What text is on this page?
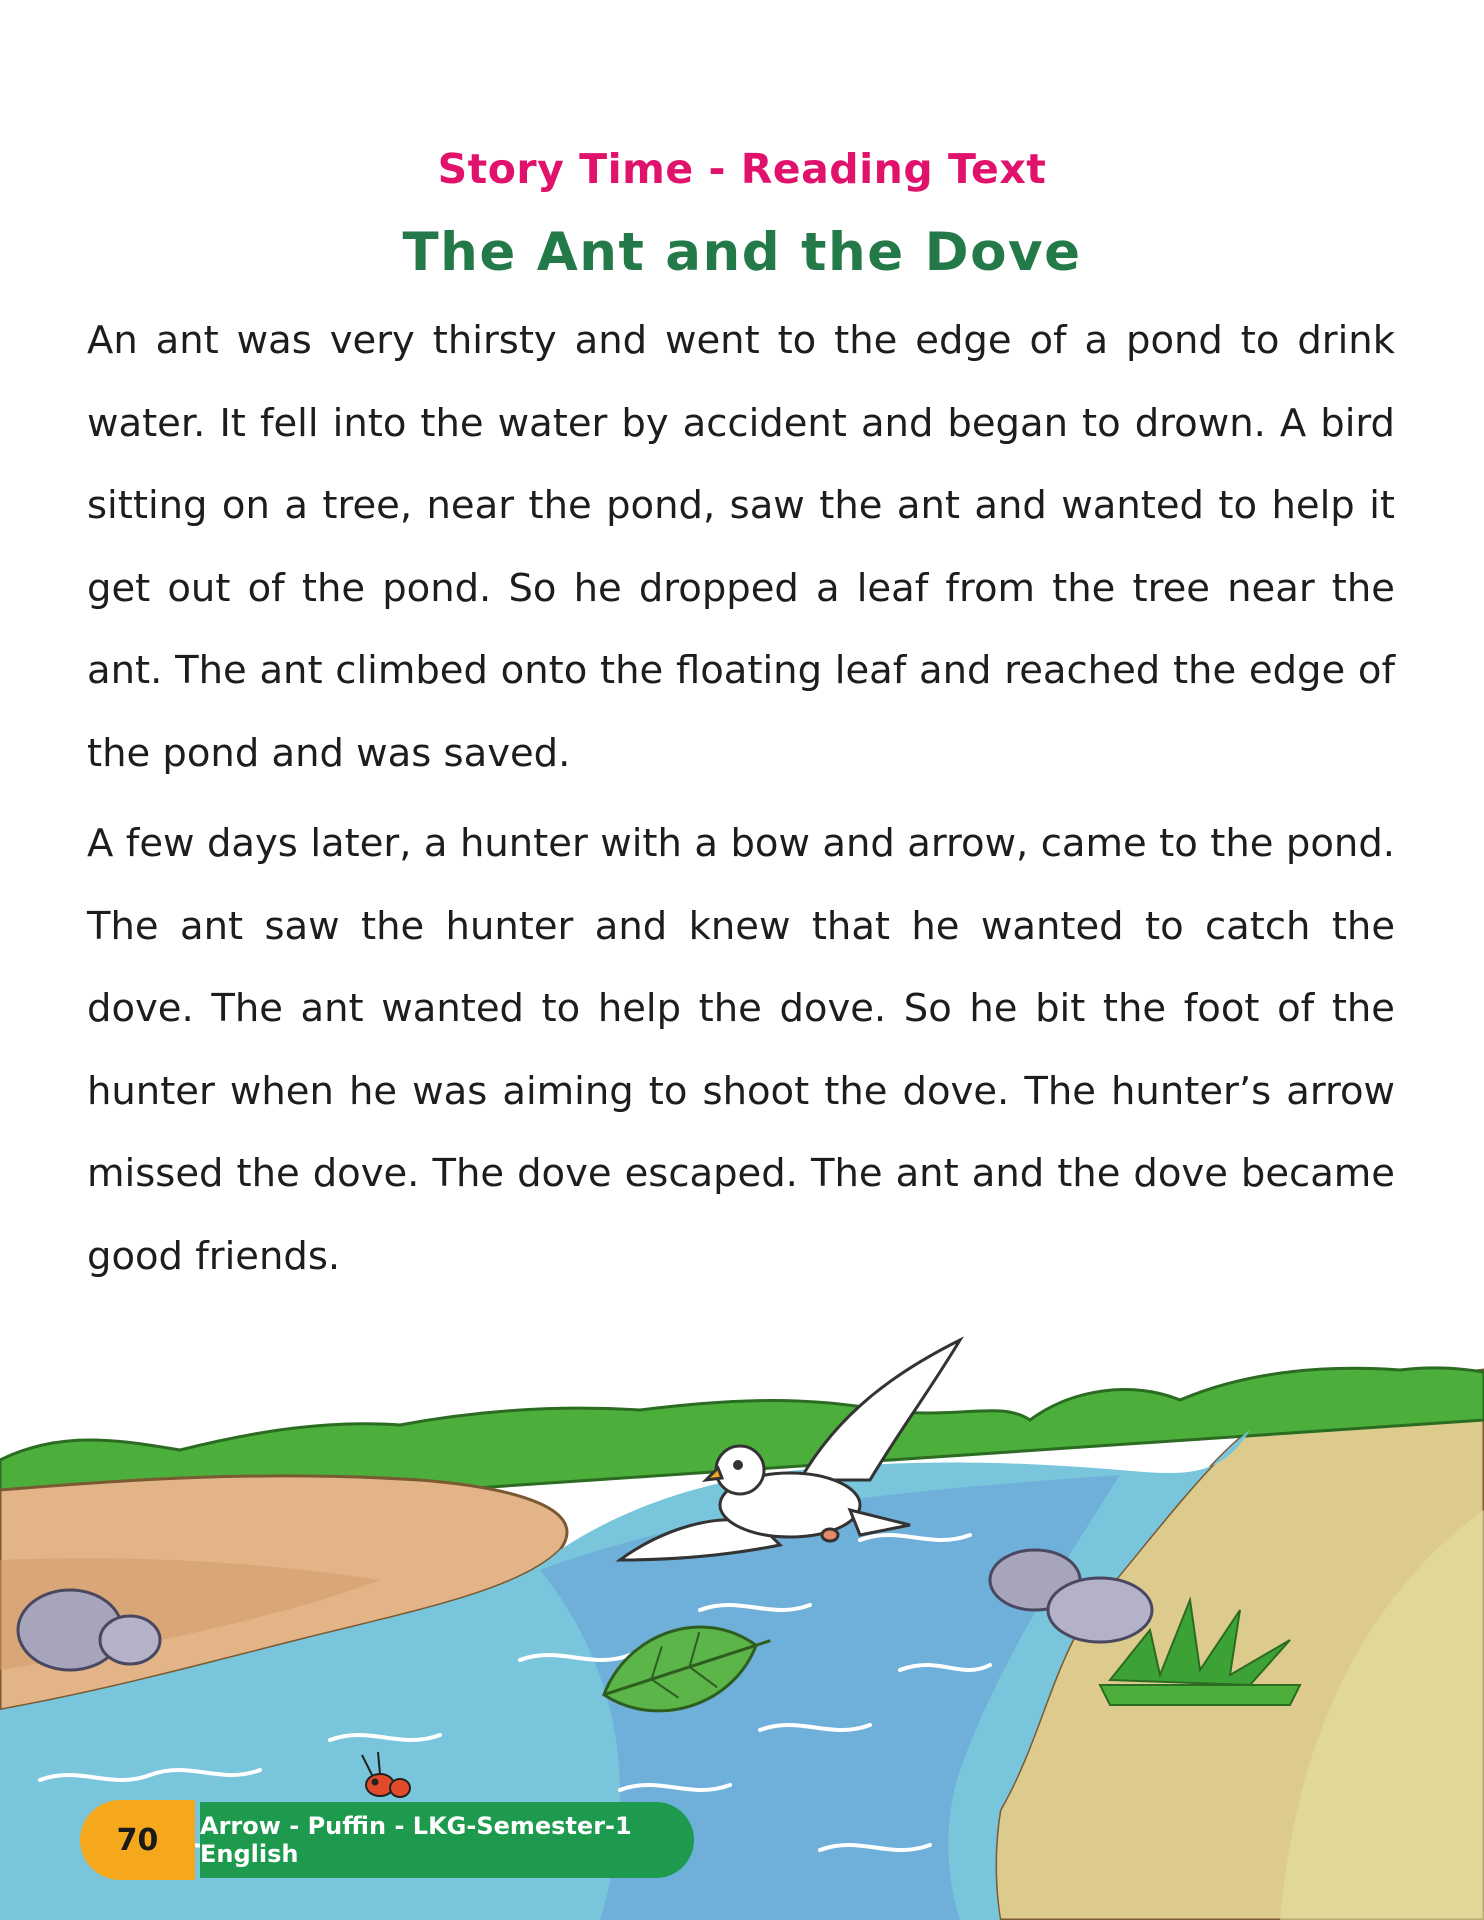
Story Time - Reading Text
The Ant and the Dove

An ant was very thirsty and went to the edge of a pond to drink water. It fell into the water by accident and began to drown. A bird sitting on a tree, near the pond, saw the ant and wanted to help it get out of the pond. So he dropped a leaf from the tree near the ant. The ant climbed onto the floating leaf and reached the edge of the pond and was saved.

A few days later, a hunter with a bow and arrow, came to the pond. The ant saw the hunter and knew that he wanted to catch the dove. The ant wanted to help the dove. So he bit the foot of the hunter when he was aiming to shoot the dove. The hunter’s arrow missed the dove. The dove escaped. The ant and the dove became good friends.

70	Arrow - Puffin - LKG-Semester-1 English
